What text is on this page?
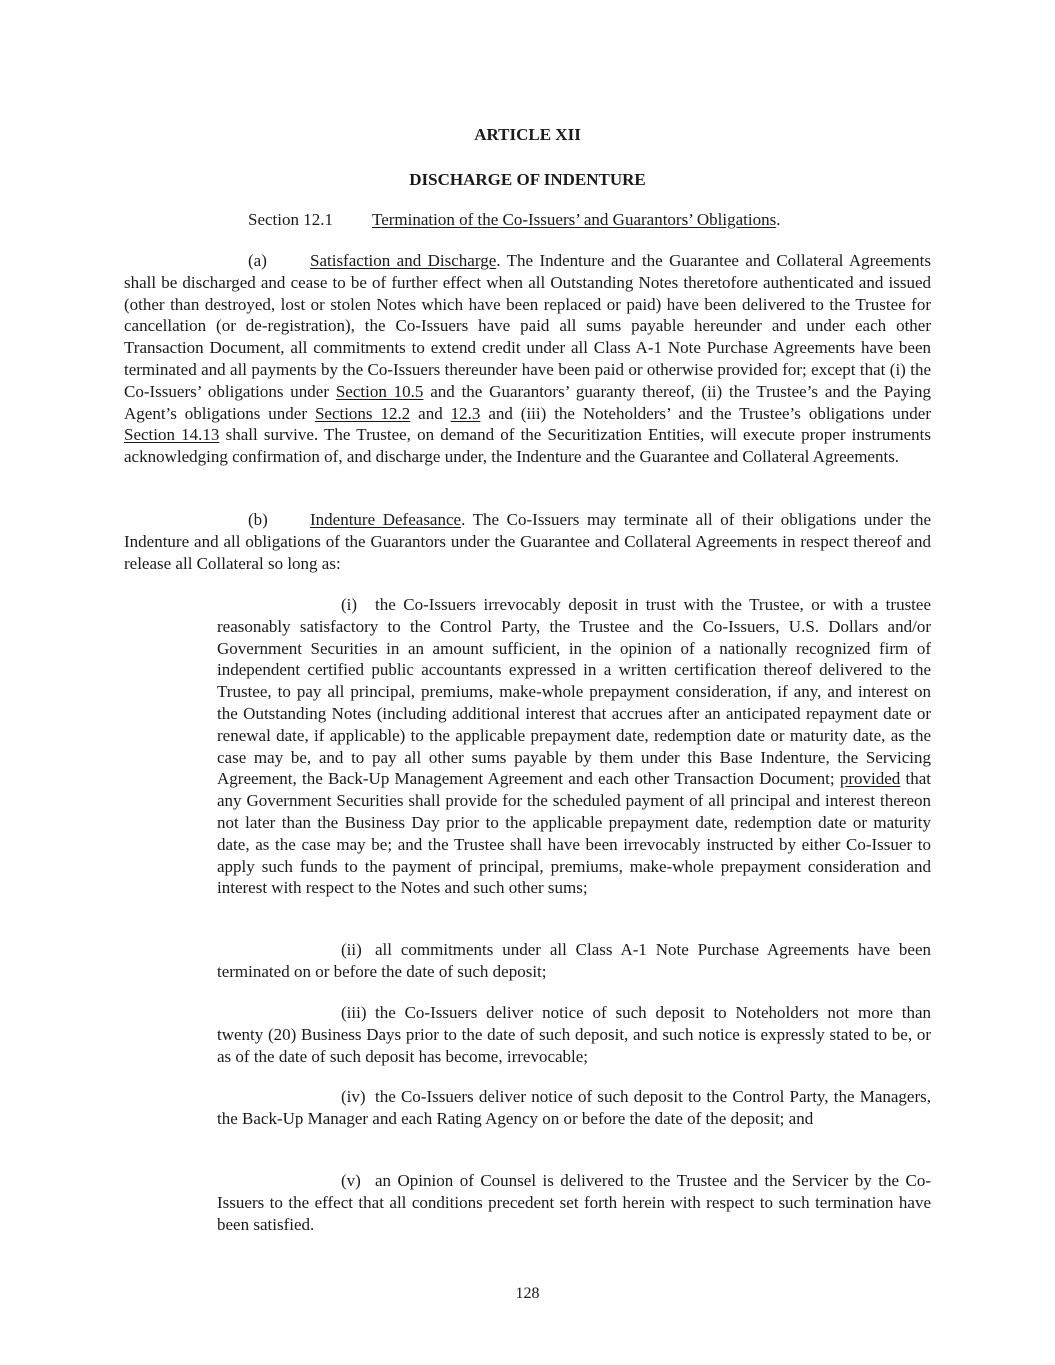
ARTICLE XII
DISCHARGE OF INDENTURE
Section 12.1 Termination of the Co-Issuers’ and Guarantors’ Obligations.

(a)	Satisfaction and Discharge. The Indenture and the Guarantee and Collateral Agreements shall be discharged and cease to be of further effect when all Outstanding Notes theretofore authenticated and issued (other than destroyed, lost or stolen Notes which have been replaced or paid) have been delivered to the Trustee for cancellation (or de-registration), the Co-Issuers have paid all sums payable hereunder and under each other Transaction Document, all commitments to extend credit under all Class A-1 Note Purchase Agreements have been terminated and all payments by the Co-Issuers thereunder have been paid or otherwise provided for; except that (i) the Co-Issuers’ obligations under Section 10.5 and the Guarantors’ guaranty thereof, (ii) the Trustee’s and the Paying Agent’s obligations under Sections 12.2 and 12.3 and (iii) the Noteholders’ and the Trustee’s obligations under Section 14.13 shall survive. The Trustee, on demand of the Securitization Entities, will execute proper instruments acknowledging confirmation of, and discharge under, the Indenture and the Guarantee and Collateral Agreements.

(b) Indenture Defeasance. The Co-Issuers may terminate all of their obligations under the Indenture and all obligations of the Guarantors under the Guarantee and Collateral Agreements in respect thereof and release all Collateral so long as:

(i) the Co-Issuers irrevocably deposit in trust with the Trustee, or with a trustee reasonably satisfactory to the Control Party, the Trustee and the Co-Issuers, U.S. Dollars and/or Government Securities in an amount sufficient, in the opinion of a nationally recognized firm of independent certified public accountants expressed in a written certification thereof delivered to the Trustee, to pay all principal, premiums, make-whole prepayment consideration, if any, and interest on the Outstanding Notes (including additional interest that accrues after an anticipated repayment date or renewal date, if applicable) to the applicable prepayment date, redemption date or maturity date, as the case may be, and to pay all other sums payable by them under this Base Indenture, the Servicing Agreement, the Back-Up Management Agreement and each other Transaction Document; provided that any Government Securities shall provide for the scheduled payment of all principal and interest thereon not later than the Business Day prior to the applicable prepayment date, redemption date or maturity date, as the case may be; and the Trustee shall have been irrevocably instructed by either Co-Issuer to apply such funds to the payment of principal, premiums, make-whole prepayment consideration and interest with respect to the Notes and such other sums;

(ii) all commitments under all Class A-1 Note Purchase Agreements have been terminated on or before the date of such deposit;

(iii) the Co-Issuers deliver notice of such deposit to Noteholders not more than twenty (20) Business Days prior to the date of such deposit, and such notice is expressly stated to be, or as of the date of such deposit has become, irrevocable;

(iv) the Co-Issuers deliver notice of such deposit to the Control Party, the Managers, the Back-Up Manager and each Rating Agency on or before the date of the deposit; and

(v) an Opinion of Counsel is delivered to the Trustee and the Servicer by the Co-Issuers to the effect that all conditions precedent set forth herein with respect to such termination have been satisfied.

128
